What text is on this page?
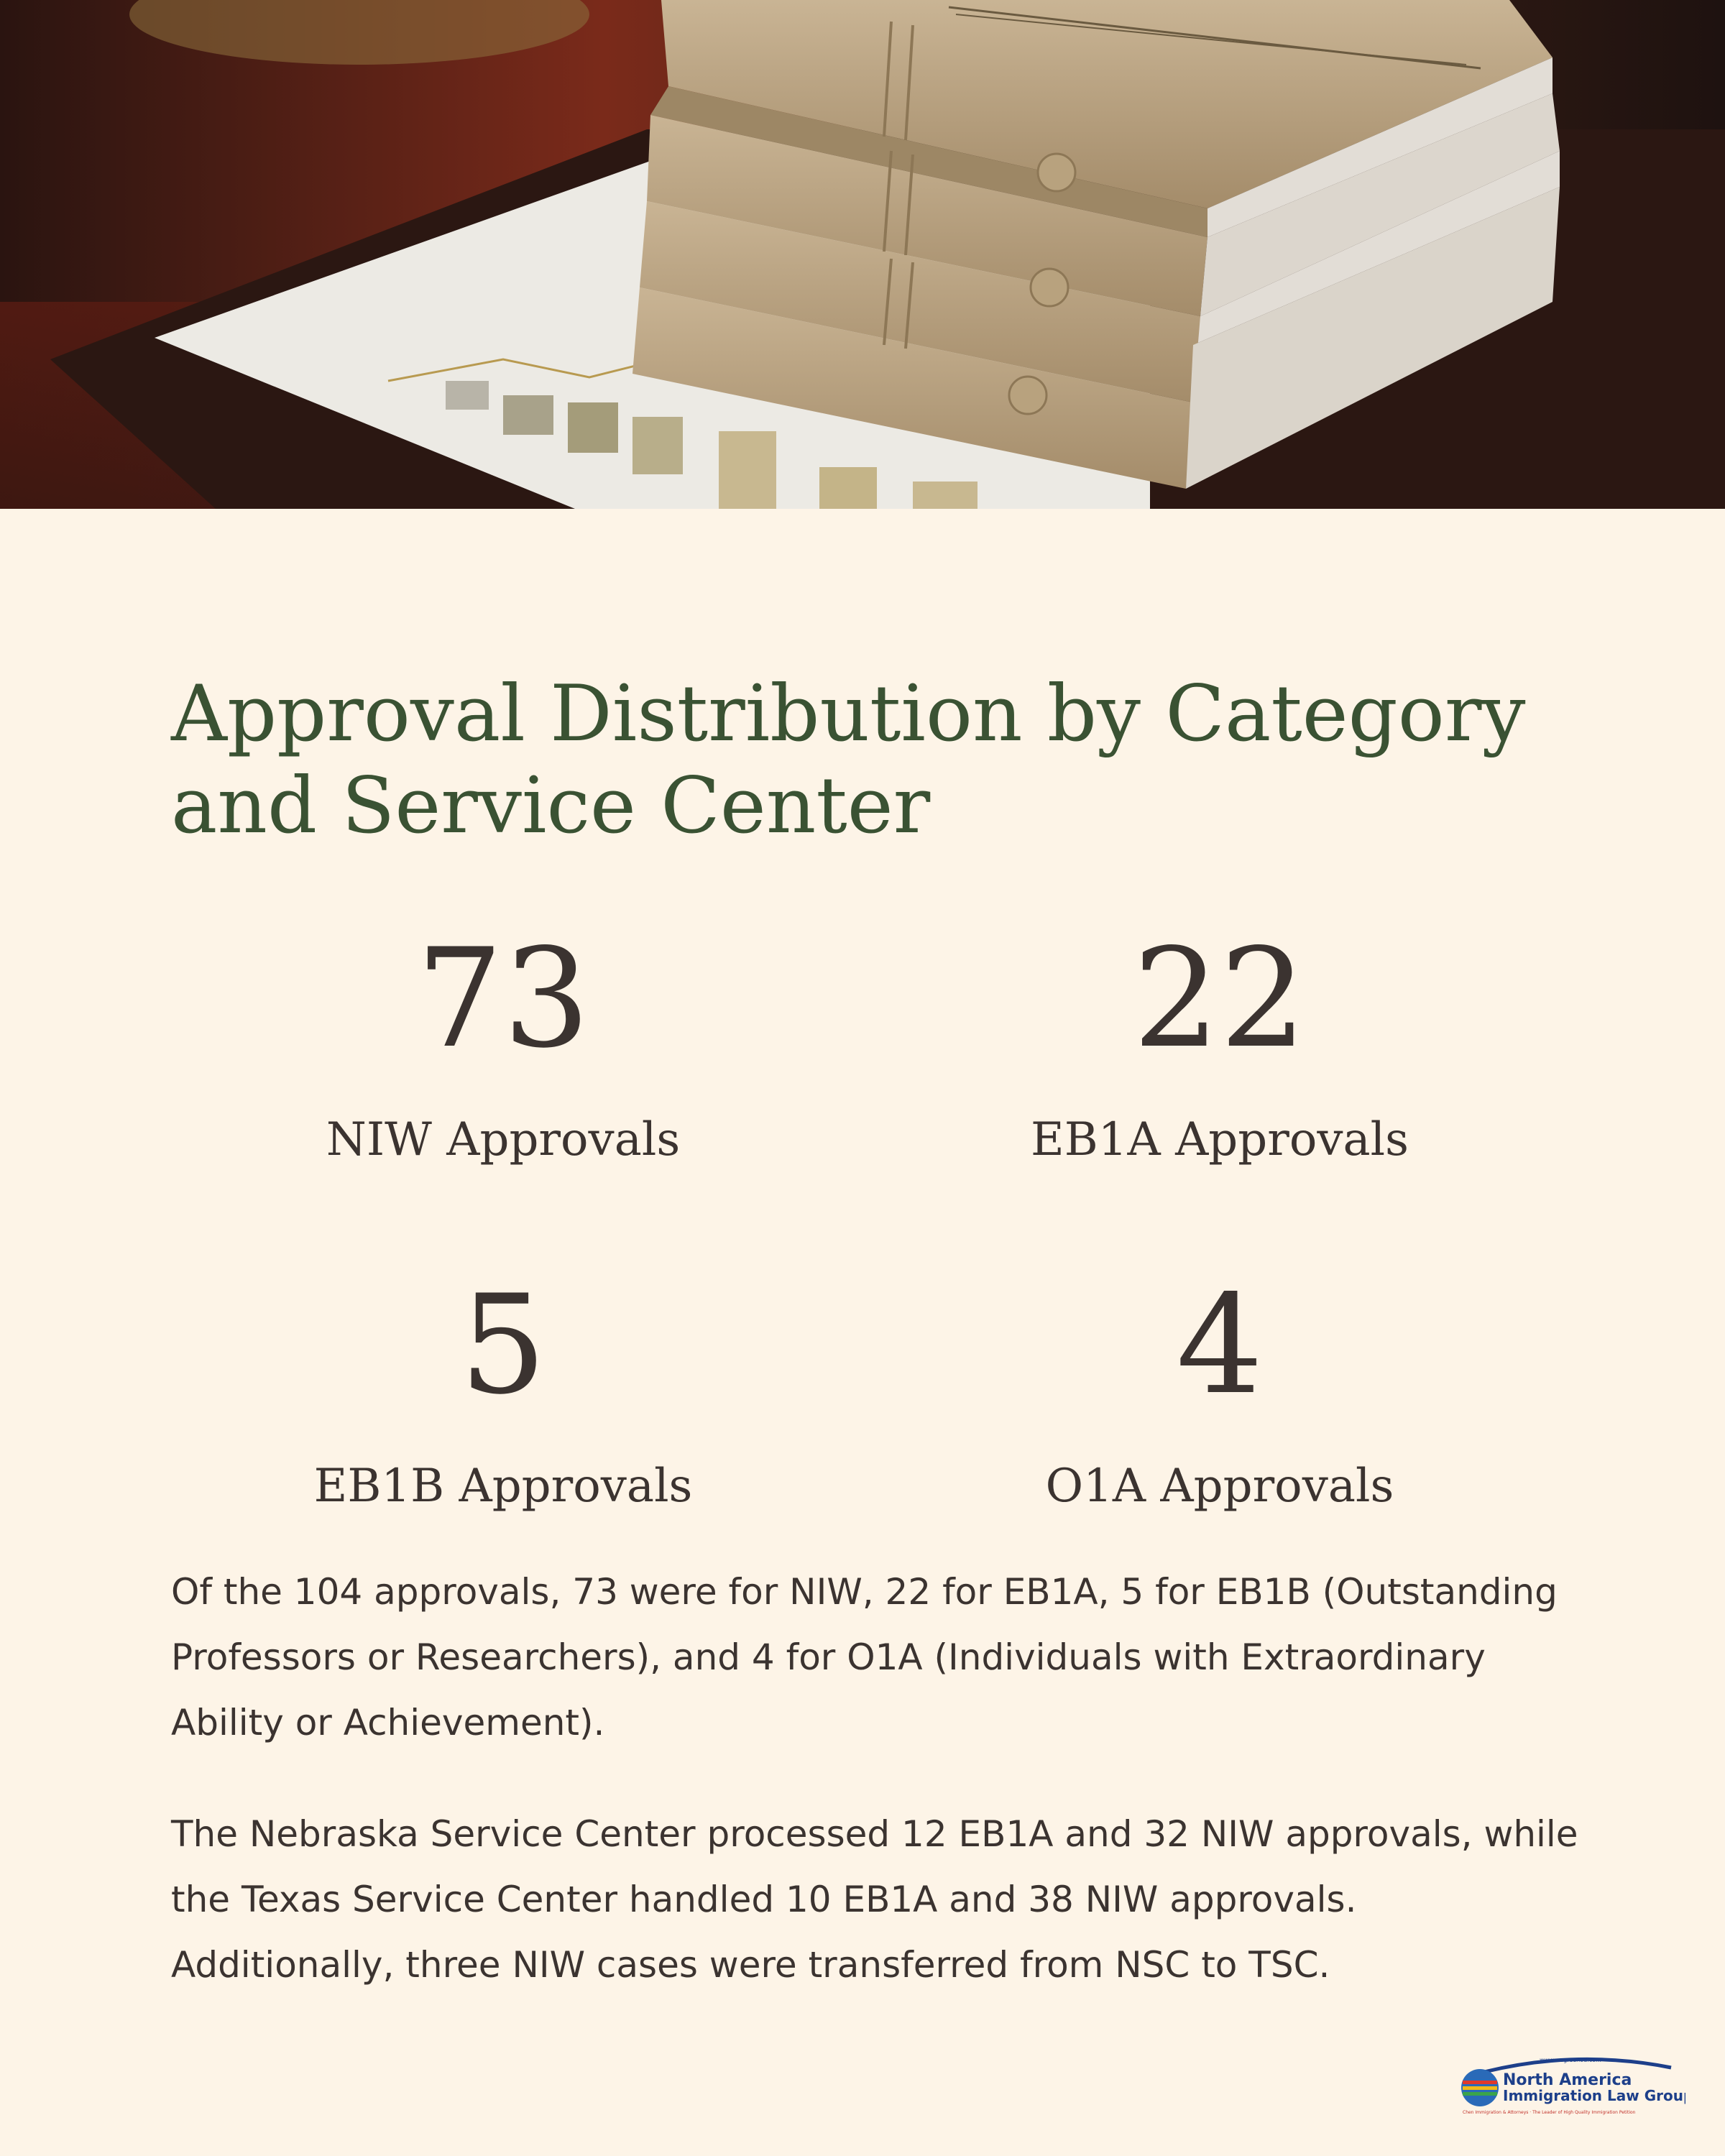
Approval Distribution by Category and Service Center
73
NIW Approvals
22
EB1A Approvals
5
EB1B Approvals
4
O1A Approvals

Of the 104 approvals, 73 were for NIW, 22 for EB1A, 5 for EB1B (Outstanding Professors or Researchers), and 4 for O1A (Individuals with Extraordinary Ability or Achievement).

The Nebraska Service Center processed 12 EB1A and 32 NIW approvals, while the Texas Service Center handled 10 EB1A and 38 NIW approvals. Additionally, three NIW cases were transferred from NSC to TSC.

www.wegreened.com
North America
Immigration Law Group
Chen Immigration & Attorneys · The Leader of High Quality Immigration Petition
